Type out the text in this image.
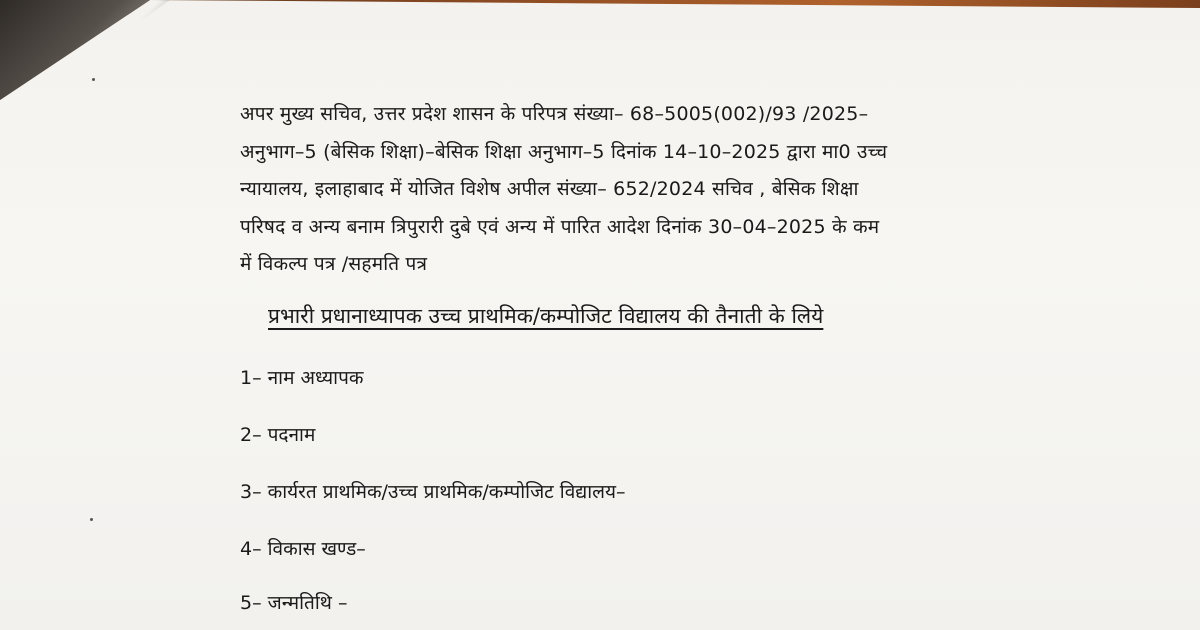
अपर मुख्य सचिव, उत्तर प्रदेश शासन के परिपत्र संख्या– 68–5005(002)/93 /2025–
अनुभाग–5 (बेसिक शिक्षा)–बेसिक शिक्षा अनुभाग–5 दिनांक 14–10–2025 द्वारा मा0 उच्च
न्यायालय, इलाहाबाद में योजित विशेष अपील संख्या– 652/2024 सचिव , बेसिक शिक्षा
परिषद व अन्य बनाम त्रिपुरारी दुबे एवं अन्य में पारित आदेश दिनांक 30–04–2025 के कम
में विकल्प पत्र /सहमति पत्र
प्रभारी प्रधानाध्यापक उच्च प्राथमिक/कम्पोजिट विद्यालय की तैनाती के लिये
1– नाम अध्यापक
2– पदनाम
3– कार्यरत प्राथमिक/उच्च प्राथमिक/कम्पोजिट विद्यालय–
4– विकास खण्ड–
5– जन्मतिथि –
